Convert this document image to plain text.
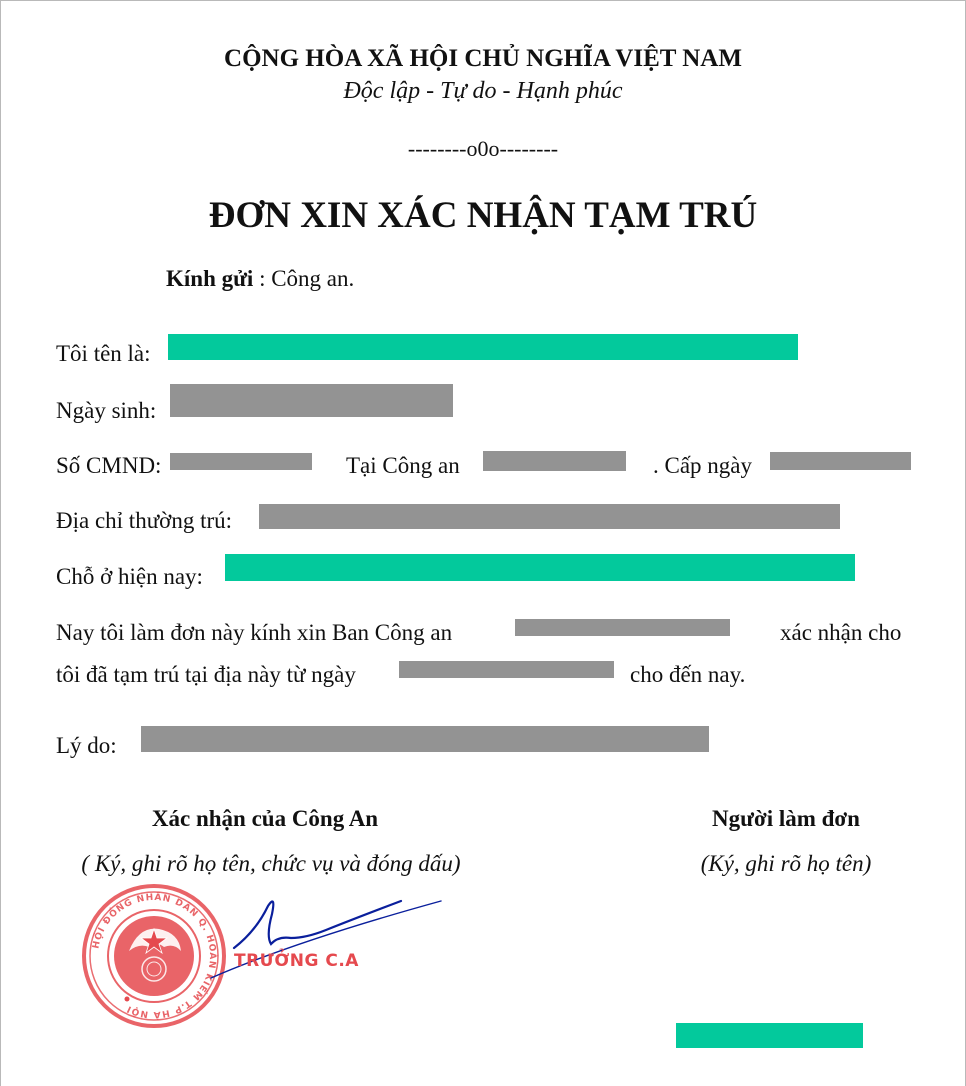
CỘNG HÒA XÃ HỘI CHỦ NGHĨA VIỆT NAM
Độc lập - Tự do - Hạnh phúc
--------o0o--------
ĐƠN XIN XÁC NHẬN TẠM TRÚ
Kính gửi : Công an.
Tôi tên là:
Ngày sinh:
Số CMND:	Tại Công an	. Cấp ngày
Địa chỉ thường trú:
Chỗ ở hiện nay:
Nay tôi làm đơn này kính xin Ban Công an	xác nhận cho
tôi đã tạm trú tại địa này từ ngày	cho đến nay.
Lý do:
Xác nhận của Công An
( Ký, ghi rõ họ tên, chức vụ và đóng dấu)
Người làm đơn
(Ký, ghi rõ họ tên)
HỘI ĐỒNG NHÂN DÂN Q. HOÀN KIẾM T.P HÀ NỘI
TRƯỞNG C.A
